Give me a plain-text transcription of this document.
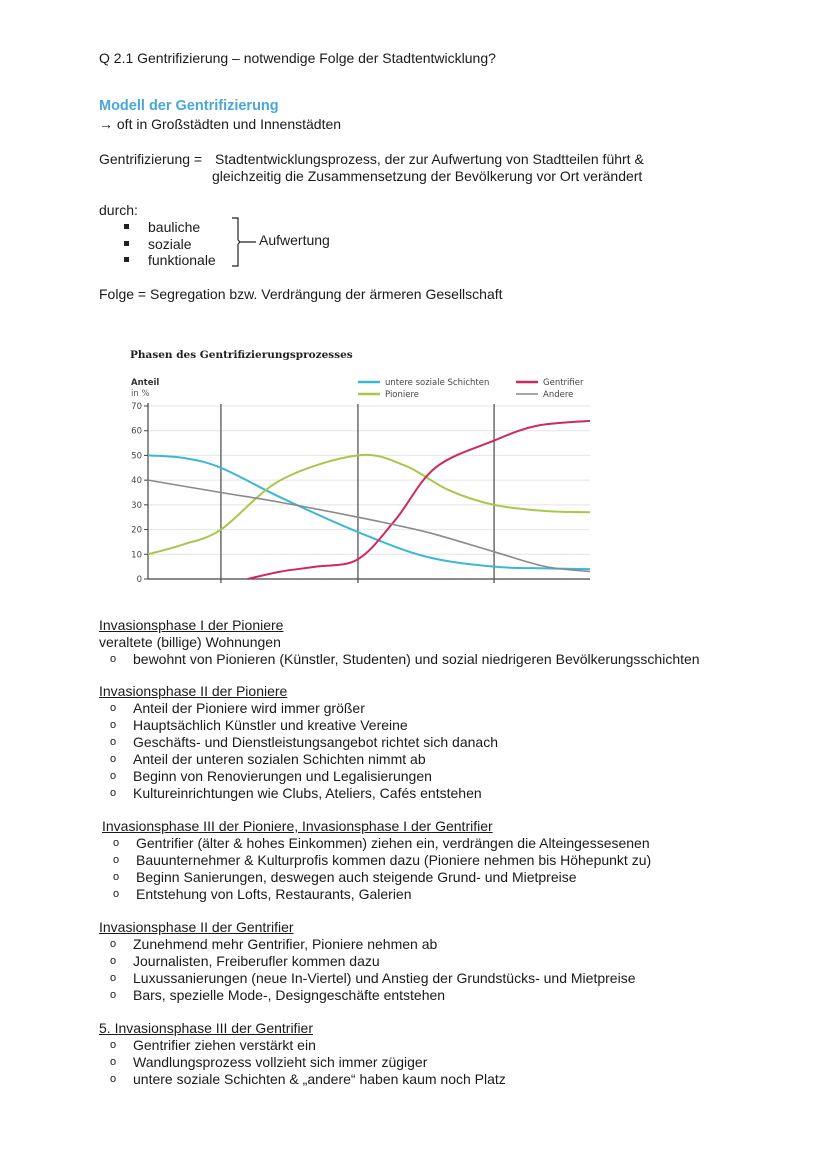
Q 2.1 Gentrifizierung – notwendige Folge der Stadtentwicklung?
Modell der Gentrifizierung
→ oft in Großstädten und Innenstädten
Gentrifizierung = Stadtentwicklungsprozess, der zur Aufwertung von Stadtteilen führt &
gleichzeitig die Zusammensetzung der Bevölkerung vor Ort verändert
durch:
bauliche
soziale
funktionale
Aufwertung
Folge = Segregation bzw. Verdrängung der ärmeren Gesellschaft
Phasen des Gentrifizierungsprozesses
Anteil
in %
0
10
20
30
40
50
60
70
untere soziale Schichten
Pioniere
Gentrifier
Andere
Invasionsphase I der Pioniere
veraltete (billige) Wohnungen
o bewohnt von Pionieren (Künstler, Studenten) und sozial niedrigeren Bevölkerungsschichten
Invasionsphase II der Pioniere
o Anteil der Pioniere wird immer größer
o Hauptsächlich Künstler und kreative Vereine
o Geschäfts- und Dienstleistungsangebot richtet sich danach
o Anteil der unteren sozialen Schichten nimmt ab
o Beginn von Renovierungen und Legalisierungen
o Kultureinrichtungen wie Clubs, Ateliers, Cafés entstehen
Invasionsphase III der Pioniere, Invasionsphase I der Gentrifier
o Gentrifier (älter & hohes Einkommen) ziehen ein, verdrängen die Alteingessesenen
o Bauunternehmer & Kulturprofis kommen dazu (Pioniere nehmen bis Höhepunkt zu)
o Beginn Sanierungen, deswegen auch steigende Grund- und Mietpreise
o Entstehung von Lofts, Restaurants, Galerien
Invasionsphase II der Gentrifier
o Zunehmend mehr Gentrifier, Pioniere nehmen ab
o Journalisten, Freiberufler kommen dazu
o Luxussanierungen (neue In-Viertel) und Anstieg der Grundstücks- und Mietpreise
o Bars, spezielle Mode-, Designgeschäfte entstehen
5. Invasionsphase III der Gentrifier
o Gentrifier ziehen verstärkt ein
o Wandlungsprozess vollzieht sich immer zügiger
o untere soziale Schichten & „andere“ haben kaum noch Platz
